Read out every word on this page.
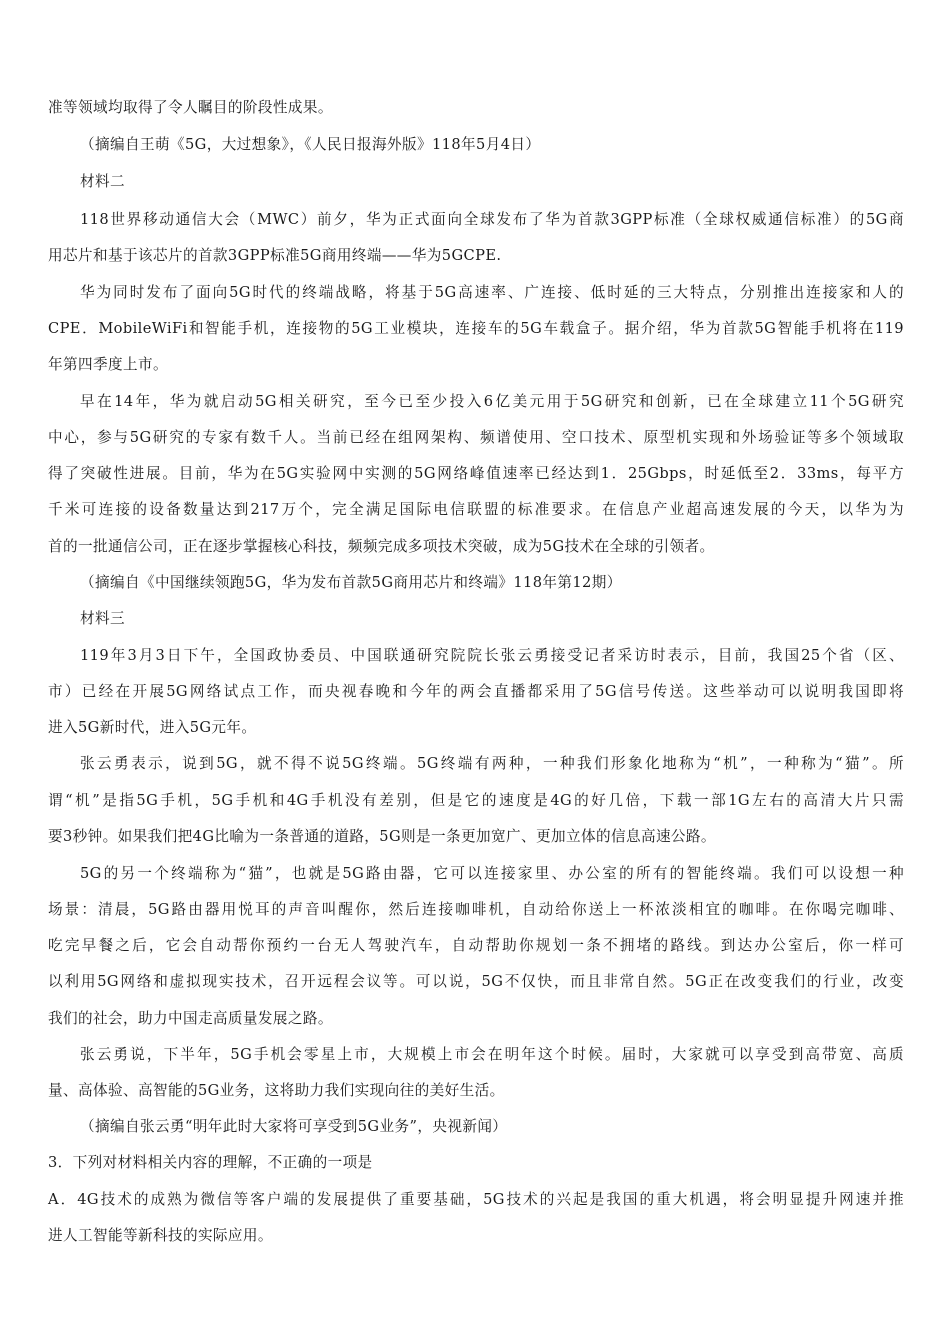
准等领域均取得了令人瞩目的阶段性成果。
（摘编自王萌《5G，大过想象》，《人民日报海外版》118年5月4日）
材料二
118世界移动通信大会（MWC）前夕，华为正式面向全球发布了华为首款3GPP标准（全球权威通信标准）的5G商
用芯片和基于该芯片的首款3GPP标准5G商用终端——华为5GCPE.
华为同时发布了面向5G时代的终端战略，将基于5G高速率、广连接、低时延的三大特点，分别推出连接家和人的
CPE．MobileWiFi和智能手机，连接物的5G工业模块，连接车的5G车载盒子。据介绍，华为首款5G智能手机将在119
年第四季度上市。
早在14年，华为就启动5G相关研究，至今已至少投入6亿美元用于5G研究和创新，已在全球建立11个5G研究
中心，参与5G研究的专家有数千人。当前已经在组网架构、频谱使用、空口技术、原型机实现和外场验证等多个领域取
得了突破性进展。目前，华为在5G实验网中实测的5G网络峰值速率已经达到1．25Gbps，时延低至2．33ms，每平方
千米可连接的设备数量达到217万个，完全满足国际电信联盟的标准要求。在信息产业超高速发展的今天，以华为为
首的一批通信公司，正在逐步掌握核心科技，频频完成多项技术突破，成为5G技术在全球的引领者。
（摘编自《中国继续领跑5G，华为发布首款5G商用芯片和终端》118年第12期）
材料三
119年3月3日下午，全国政协委员、中国联通研究院院长张云勇接受记者采访时表示，目前，我国25个省（区、
市）已经在开展5G网络试点工作，而央视春晚和今年的两会直播都采用了5G信号传送。这些举动可以说明我国即将
进入5G新时代，进入5G元年。
张云勇表示，说到5G，就不得不说5G终端。5G终端有两种，一种我们形象化地称为“机”，一种称为“猫”。所
谓“机”是指5G手机，5G手机和4G手机没有差别，但是它的速度是4G的好几倍，下载一部1G左右的高清大片只需
要3秒钟。如果我们把4G比喻为一条普通的道路，5G则是一条更加宽广、更加立体的信息高速公路。
5G的另一个终端称为“猫”，也就是5G路由器，它可以连接家里、办公室的所有的智能终端。我们可以设想一种
场景：清晨，5G路由器用悦耳的声音叫醒你，然后连接咖啡机，自动给你送上一杯浓淡相宜的咖啡。在你喝完咖啡、
吃完早餐之后，它会自动帮你预约一台无人驾驶汽车，自动帮助你规划一条不拥堵的路线。到达办公室后，你一样可
以利用5G网络和虚拟现实技术，召开远程会议等。可以说，5G不仅快，而且非常自然。5G正在改变我们的行业，改变
我们的社会，助力中国走高质量发展之路。
张云勇说，下半年，5G手机会零星上市，大规模上市会在明年这个时候。届时，大家就可以享受到高带宽、高质
量、高体验、高智能的5G业务，这将助力我们实现向往的美好生活。
（摘编自张云勇“明年此时大家将可享受到5G业务”，央视新闻）
3．下列对材料相关内容的理解，不正确的一项是
A．4G技术的成熟为微信等客户端的发展提供了重要基础，5G技术的兴起是我国的重大机遇，将会明显提升网速并推
进人工智能等新科技的实际应用。
